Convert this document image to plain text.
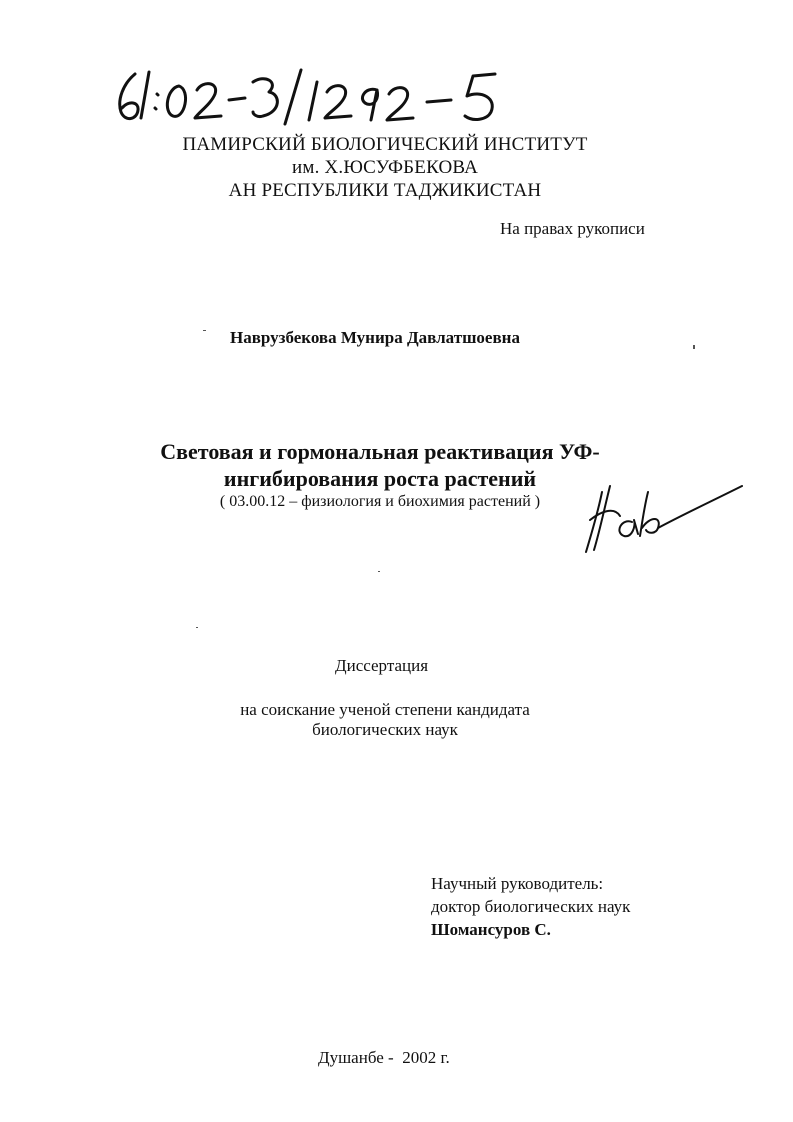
ПАМИРСКИЙ БИОЛОГИЧЕСКИЙ ИНСТИТУТ
им. Х.ЮСУФБЕКОВА
АН РЕСПУБЛИКИ ТАДЖИКИСТАН
На правах рукописи
Наврузбекова Мунира Давлатшоевна
Световая и гормональная реактивация УФ-
ингибирования роста растений
( 03.00.12 – физиология и биохимия растений )
Диссертация
на соискание ученой степени кандидата
биологических наук
Научный руководитель:
доктор биологических наук
Шомансуров С.
Душанбе -  2002 г.
